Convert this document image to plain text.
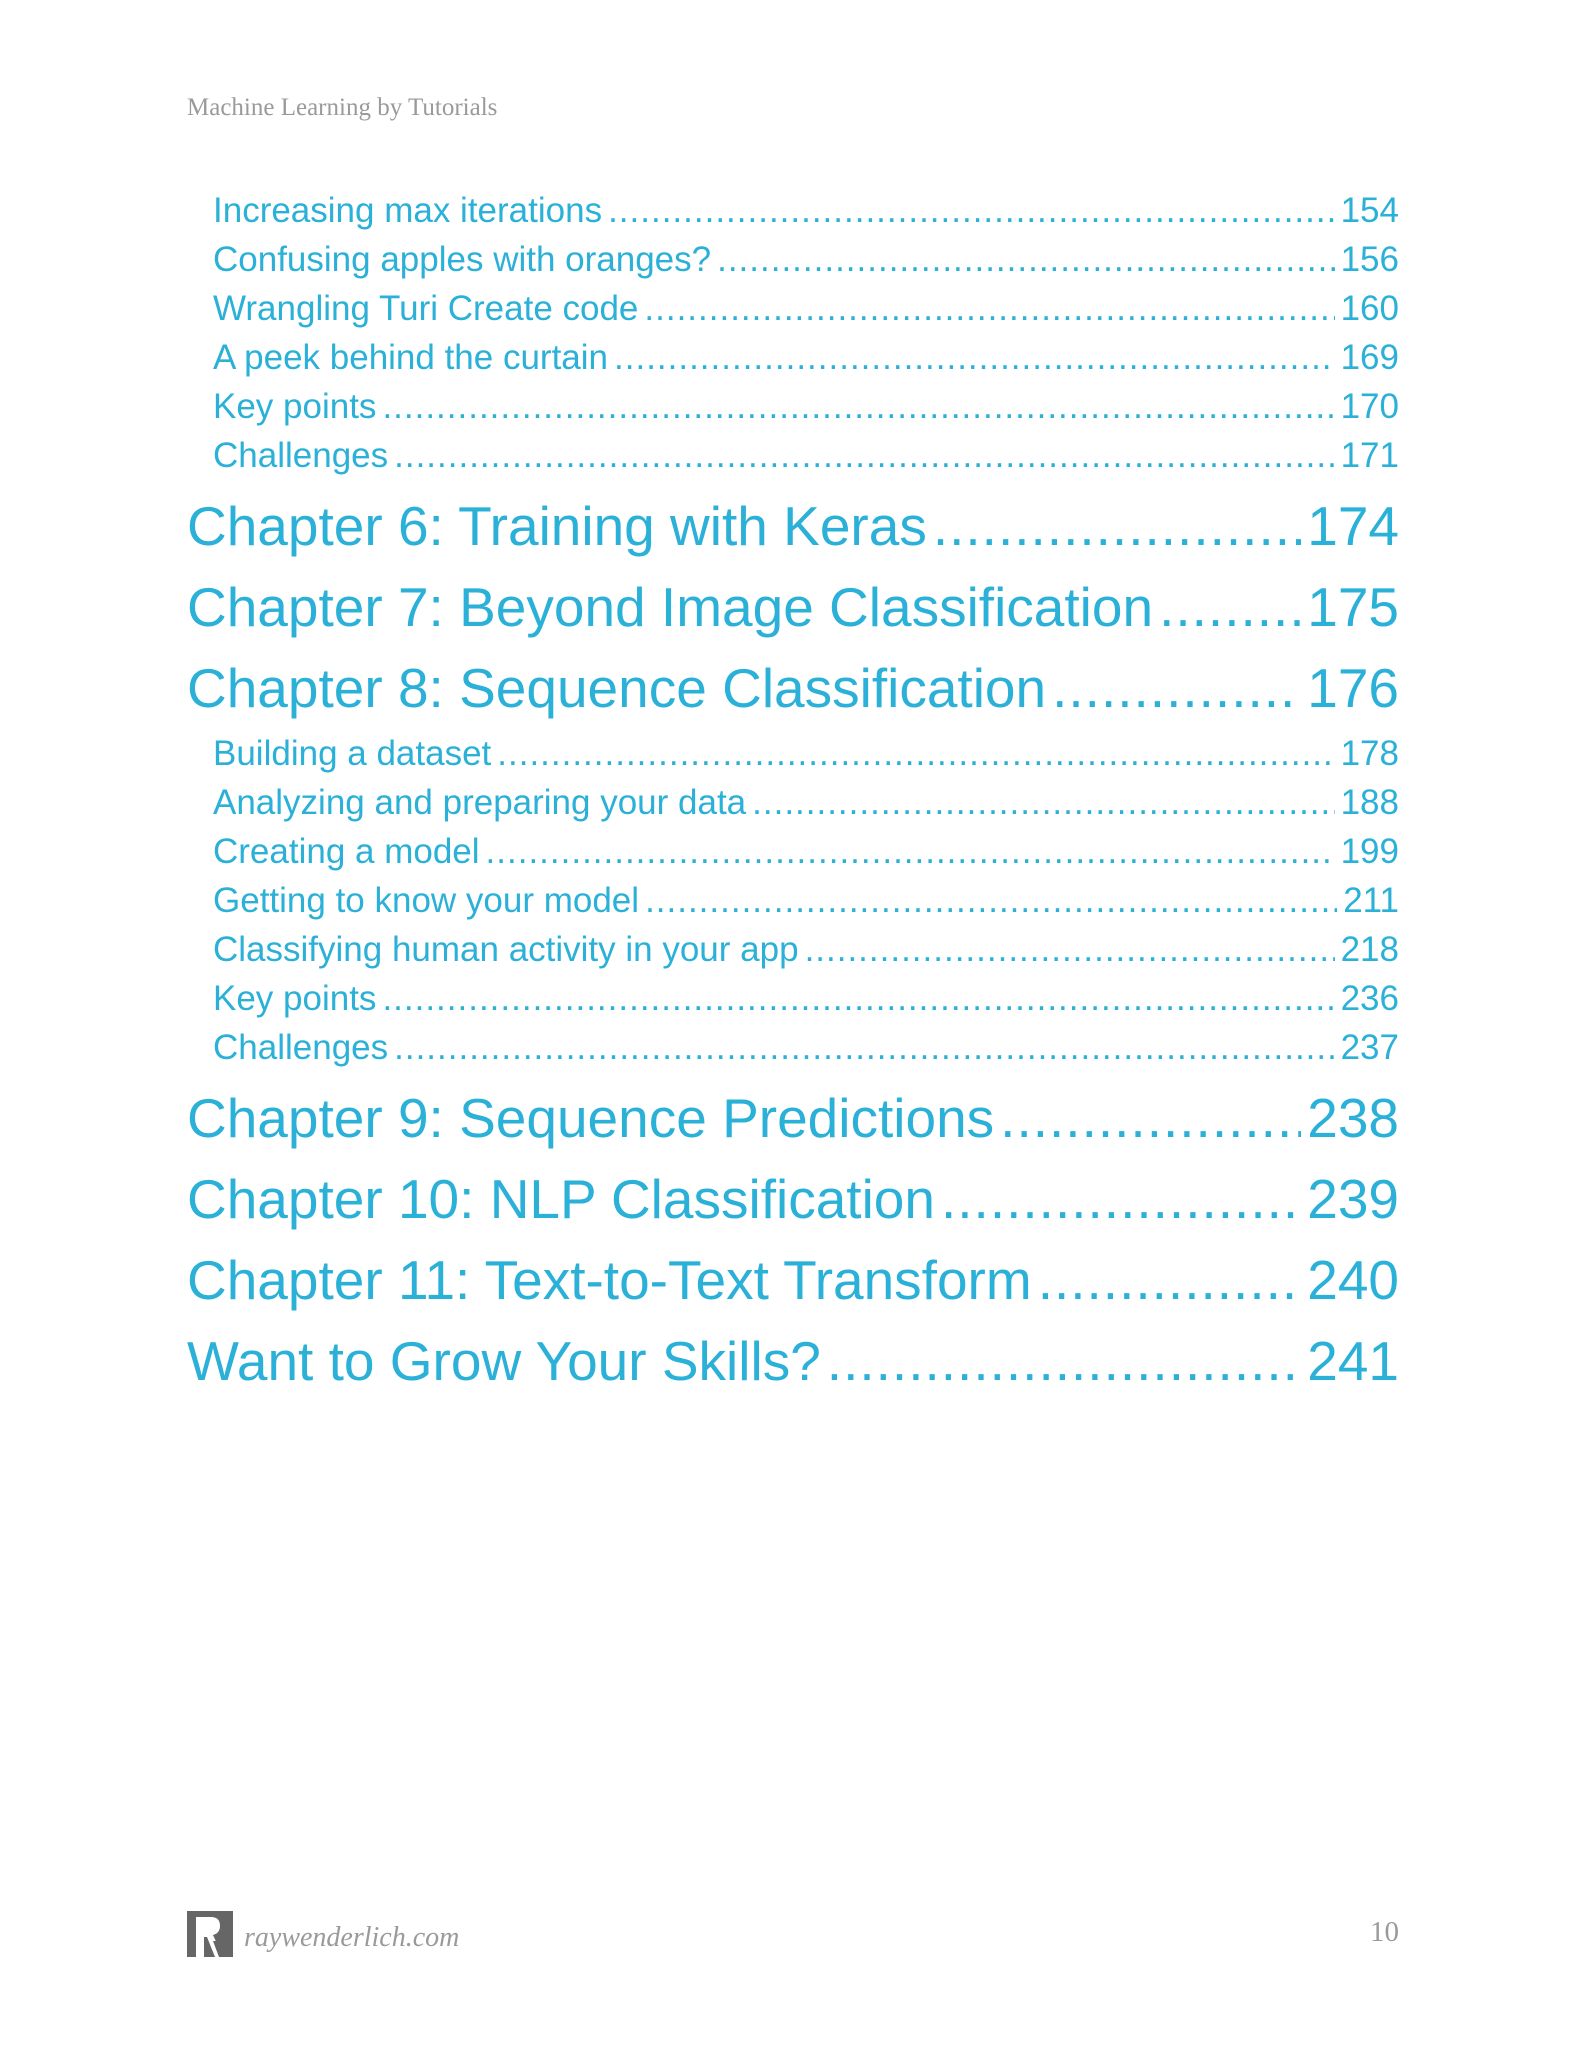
Machine Learning by Tutorials
Increasing max iterations .....	154
Confusing apples with oranges? .....	156
Wrangling Turi Create code .....	160
A peek behind the curtain .....	169
Key points .....	170
Challenges .....	171
Chapter 6: Training with Keras .....	174
Chapter 7: Beyond Image Classification .....	175
Chapter 8: Sequence Classification .....	176
Building a dataset .....	178
Analyzing and preparing your data .....	188
Creating a model .....	199
Getting to know your model .....	211
Classifying human activity in your app .....	218
Key points .....	236
Challenges .....	237
Chapter 9: Sequence Predictions .....	238
Chapter 10: NLP Classification .....	239
Chapter 11: Text-to-Text Transform .....	240
Want to Grow Your Skills? .....	241
raywenderlich.com	10
